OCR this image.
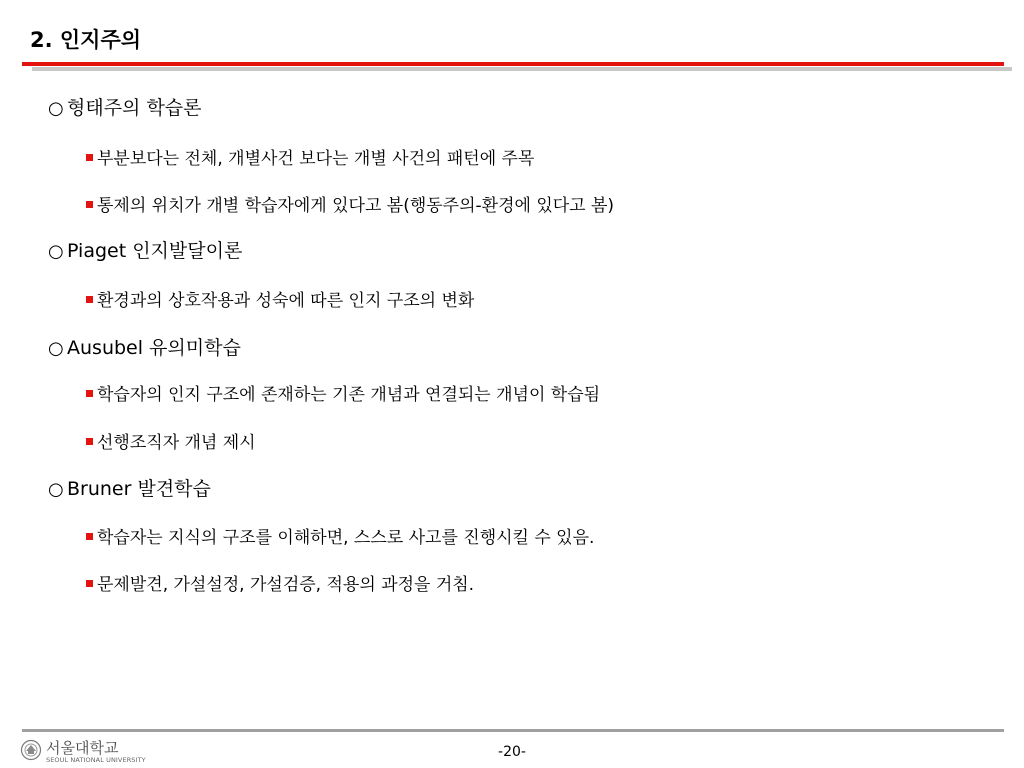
2. 인지주의
○ 형태주의 학습론
부분보다는 전체, 개별사건 보다는 개별 사건의 패턴에 주목
통제의 위치가 개별 학습자에게 있다고 봄(행동주의-환경에 있다고 봄)
○ Piaget 인지발달이론
환경과의 상호작용과 성숙에 따른 인지 구조의 변화
○ Ausubel 유의미학습
학습자의 인지 구조에 존재하는 기존 개념과 연결되는 개념이 학습됨
선행조직자 개념 제시
○ Bruner 발견학습
학습자는 지식의 구조를 이해하면, 스스로 사고를 진행시킬 수 있음.
문제발견, 가설설정, 가설검증, 적용의 과정을 거침.
서울대학교
SEOUL NATIONAL UNIVERSITY	-20-
